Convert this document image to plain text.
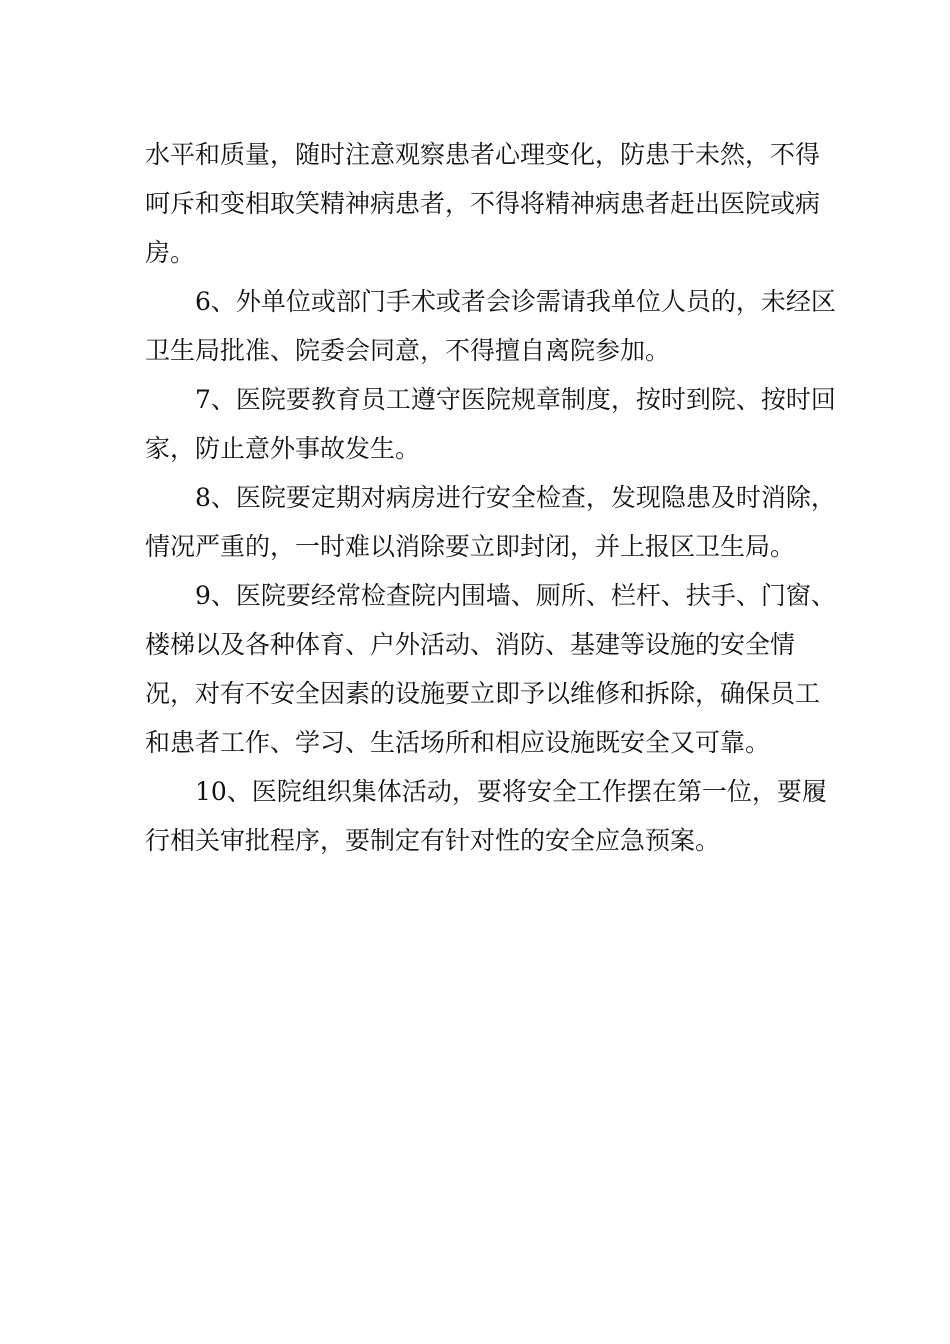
水平和质量，随时注意观察患者心理变化，防患于未然，不得
呵斥和变相取笑精神病患者，不得将精神病患者赶出医院或病
房。
　　6、外单位或部门手术或者会诊需请我单位人员的，未经区
卫生局批准、院委会同意，不得擅自离院参加。
　　7、医院要教育员工遵守医院规章制度，按时到院、按时回
家，防止意外事故发生。
　　8、医院要定期对病房进行安全检查，发现隐患及时消除，
情况严重的，一时难以消除要立即封闭，并上报区卫生局。
　　9、医院要经常检查院内围墙、厕所、栏杆、扶手、门窗、
楼梯以及各种体育、户外活动、消防、基建等设施的安全情
况，对有不安全因素的设施要立即予以维修和拆除，确保员工
和患者工作、学习、生活场所和相应设施既安全又可靠。
　　10、医院组织集体活动，要将安全工作摆在第一位，要履
行相关审批程序，要制定有针对性的安全应急预案。
